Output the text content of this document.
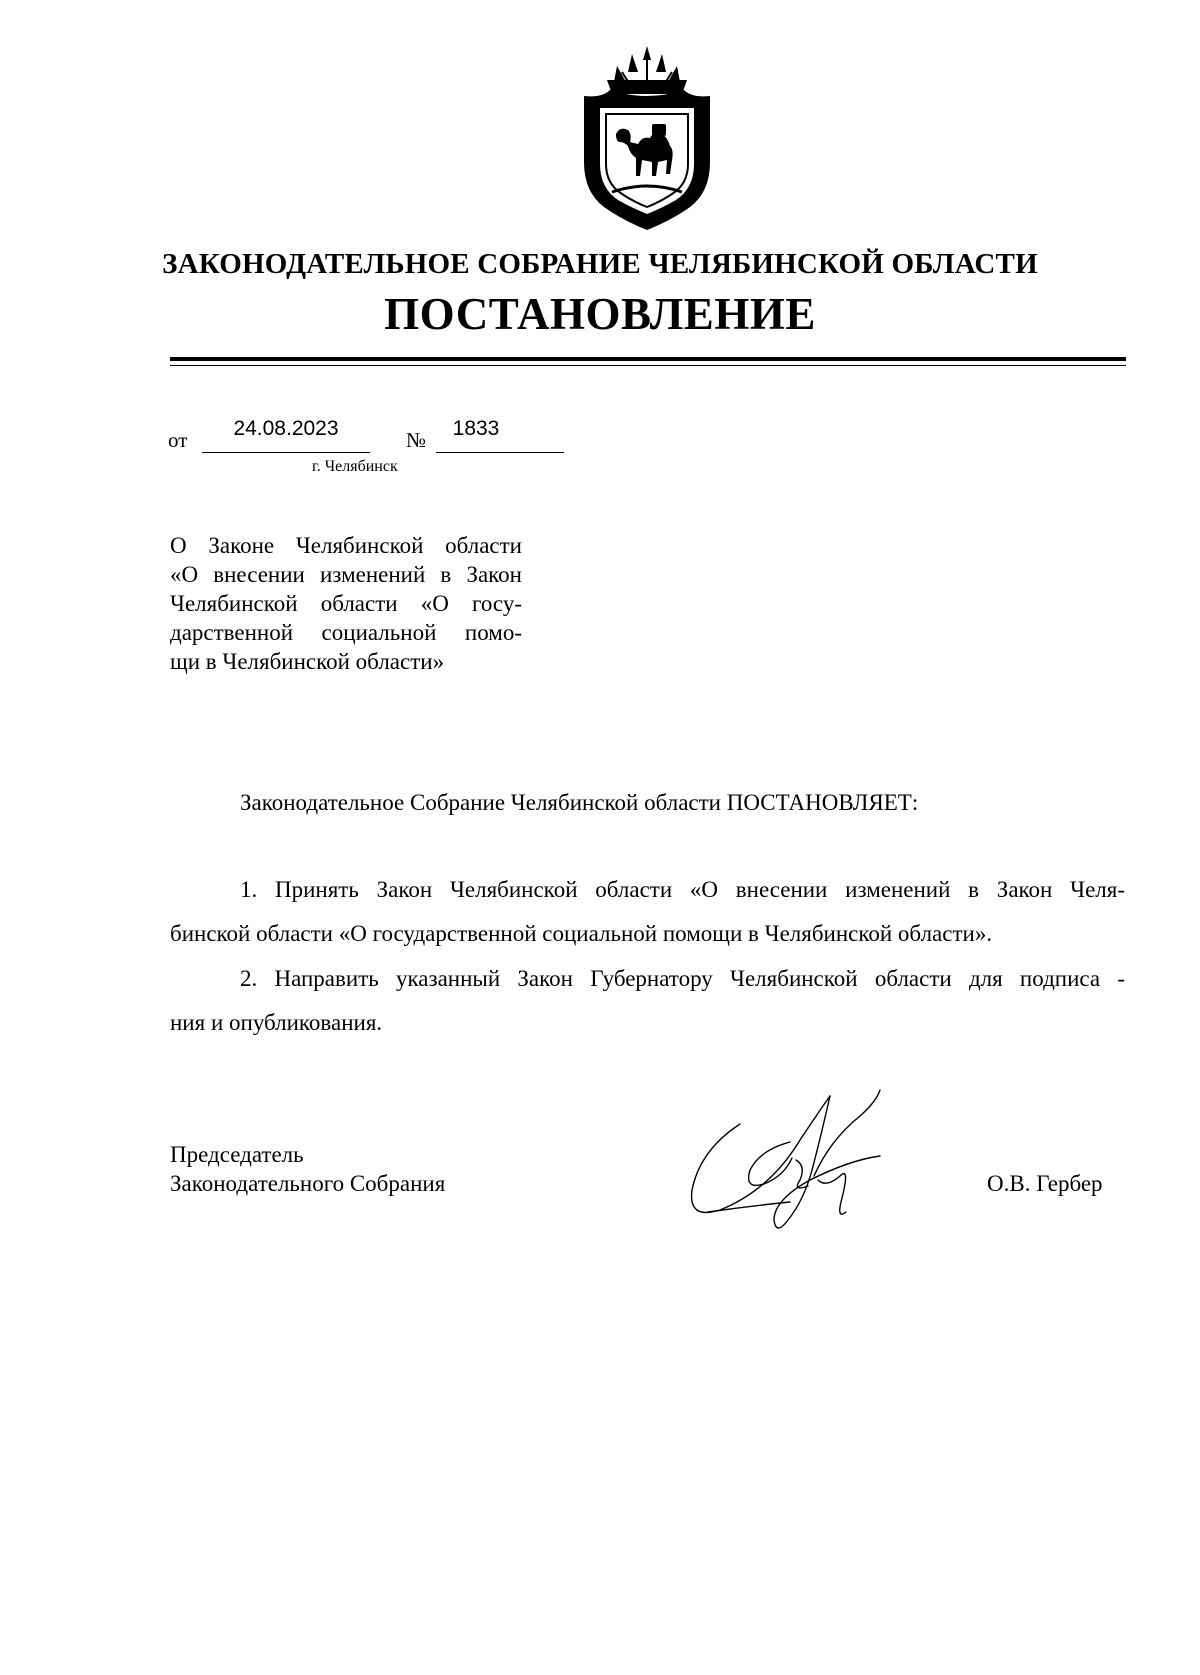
ЗАКОНОДАТЕЛЬНОЕ СОБРАНИЕ ЧЕЛЯБИНСКОЙ ОБЛАСТИ
ПОСТАНОВЛЕНИЕ
от	24.08.2023	№	1833
г. Челябинск
О Законе Челябинской области
«О внесении изменений в Закон
Челябинской области «О госу-
дарственной социальной помо-
щи в Челябинской области»
Законодательное Собрание Челябинской области ПОСТАНОВЛЯЕТ:
1. Принять Закон Челябинской области «О внесении изменений в Закон Челя-
бинской области «О государственной социальной помощи в Челябинской области».
2. Направить указанный Закон Губернатору Челябинской области для подписа -
ния и опубликования.
Председатель
Законодательного Собрания	О.В. Гербер
